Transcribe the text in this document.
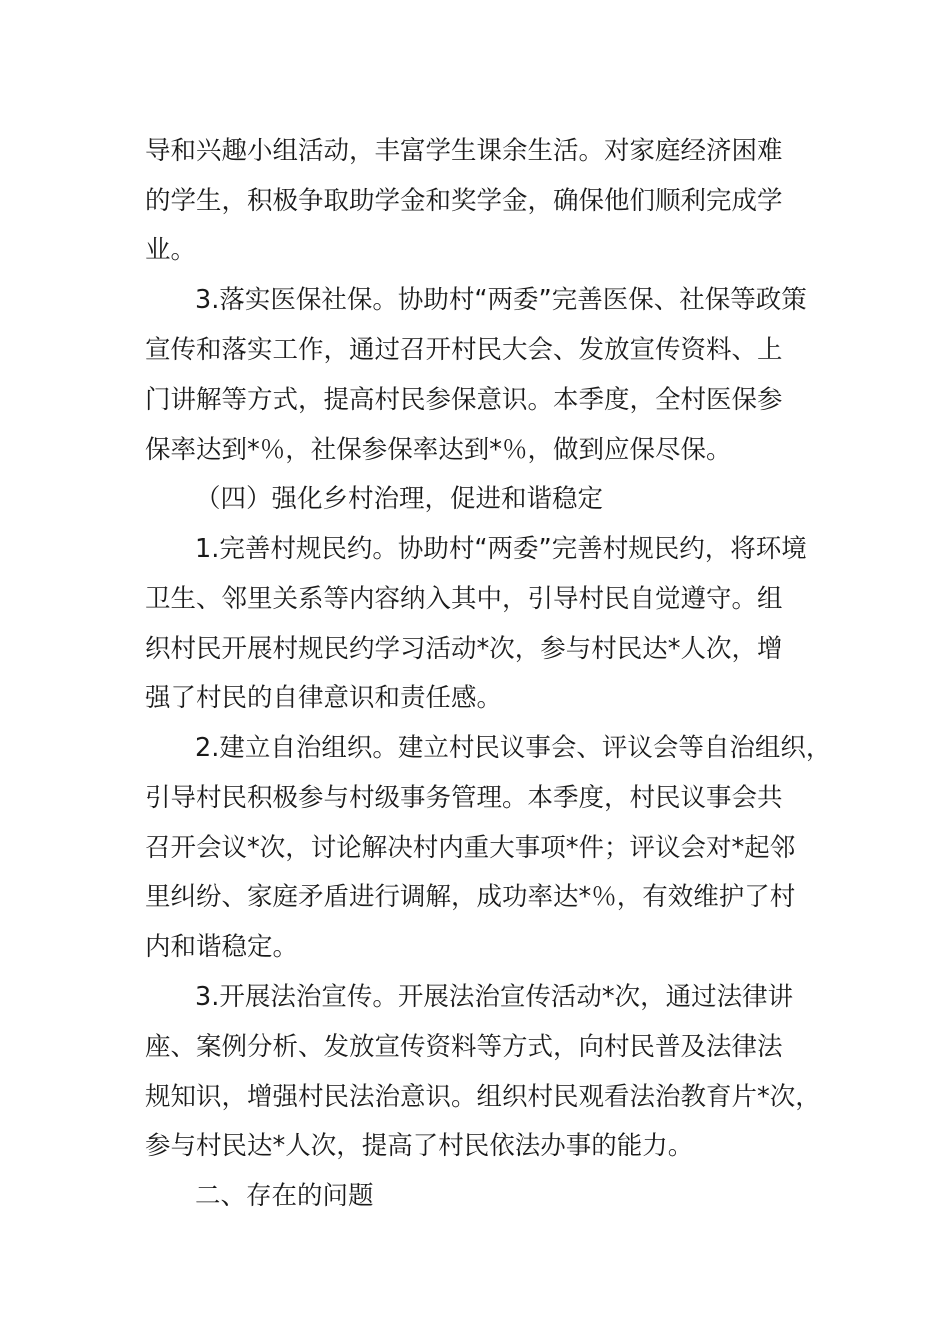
导和兴趣小组活动，丰富学生课余生活。对家庭经济困难

的学生，积极争取助学金和奖学金，确保他们顺利完成学

业。

3.落实医保社保。协助村“两委”完善医保、社保等政策

宣传和落实工作，通过召开村民大会、发放宣传资料、上

门讲解等方式，提高村民参保意识。本季度，全村医保参

保率达到*％，社保参保率达到*％，做到应保尽保。

（四）强化乡村治理，促进和谐稳定

1.完善村规民约。协助村“两委”完善村规民约，将环境

卫生、邻里关系等内容纳入其中，引导村民自觉遵守。组

织村民开展村规民约学习活动*次，参与村民达*人次，增

强了村民的自律意识和责任感。

2.建立自治组织。建立村民议事会、评议会等自治组织，

引导村民积极参与村级事务管理。本季度，村民议事会共

召开会议*次，讨论解决村内重大事项*件；评议会对*起邻

里纠纷、家庭矛盾进行调解，成功率达*％，有效维护了村

内和谐稳定。

3.开展法治宣传。开展法治宣传活动*次，通过法律讲

座、案例分析、发放宣传资料等方式，向村民普及法律法

规知识，增强村民法治意识。组织村民观看法治教育片*次，

参与村民达*人次，提高了村民依法办事的能力。

二、存在的问题
